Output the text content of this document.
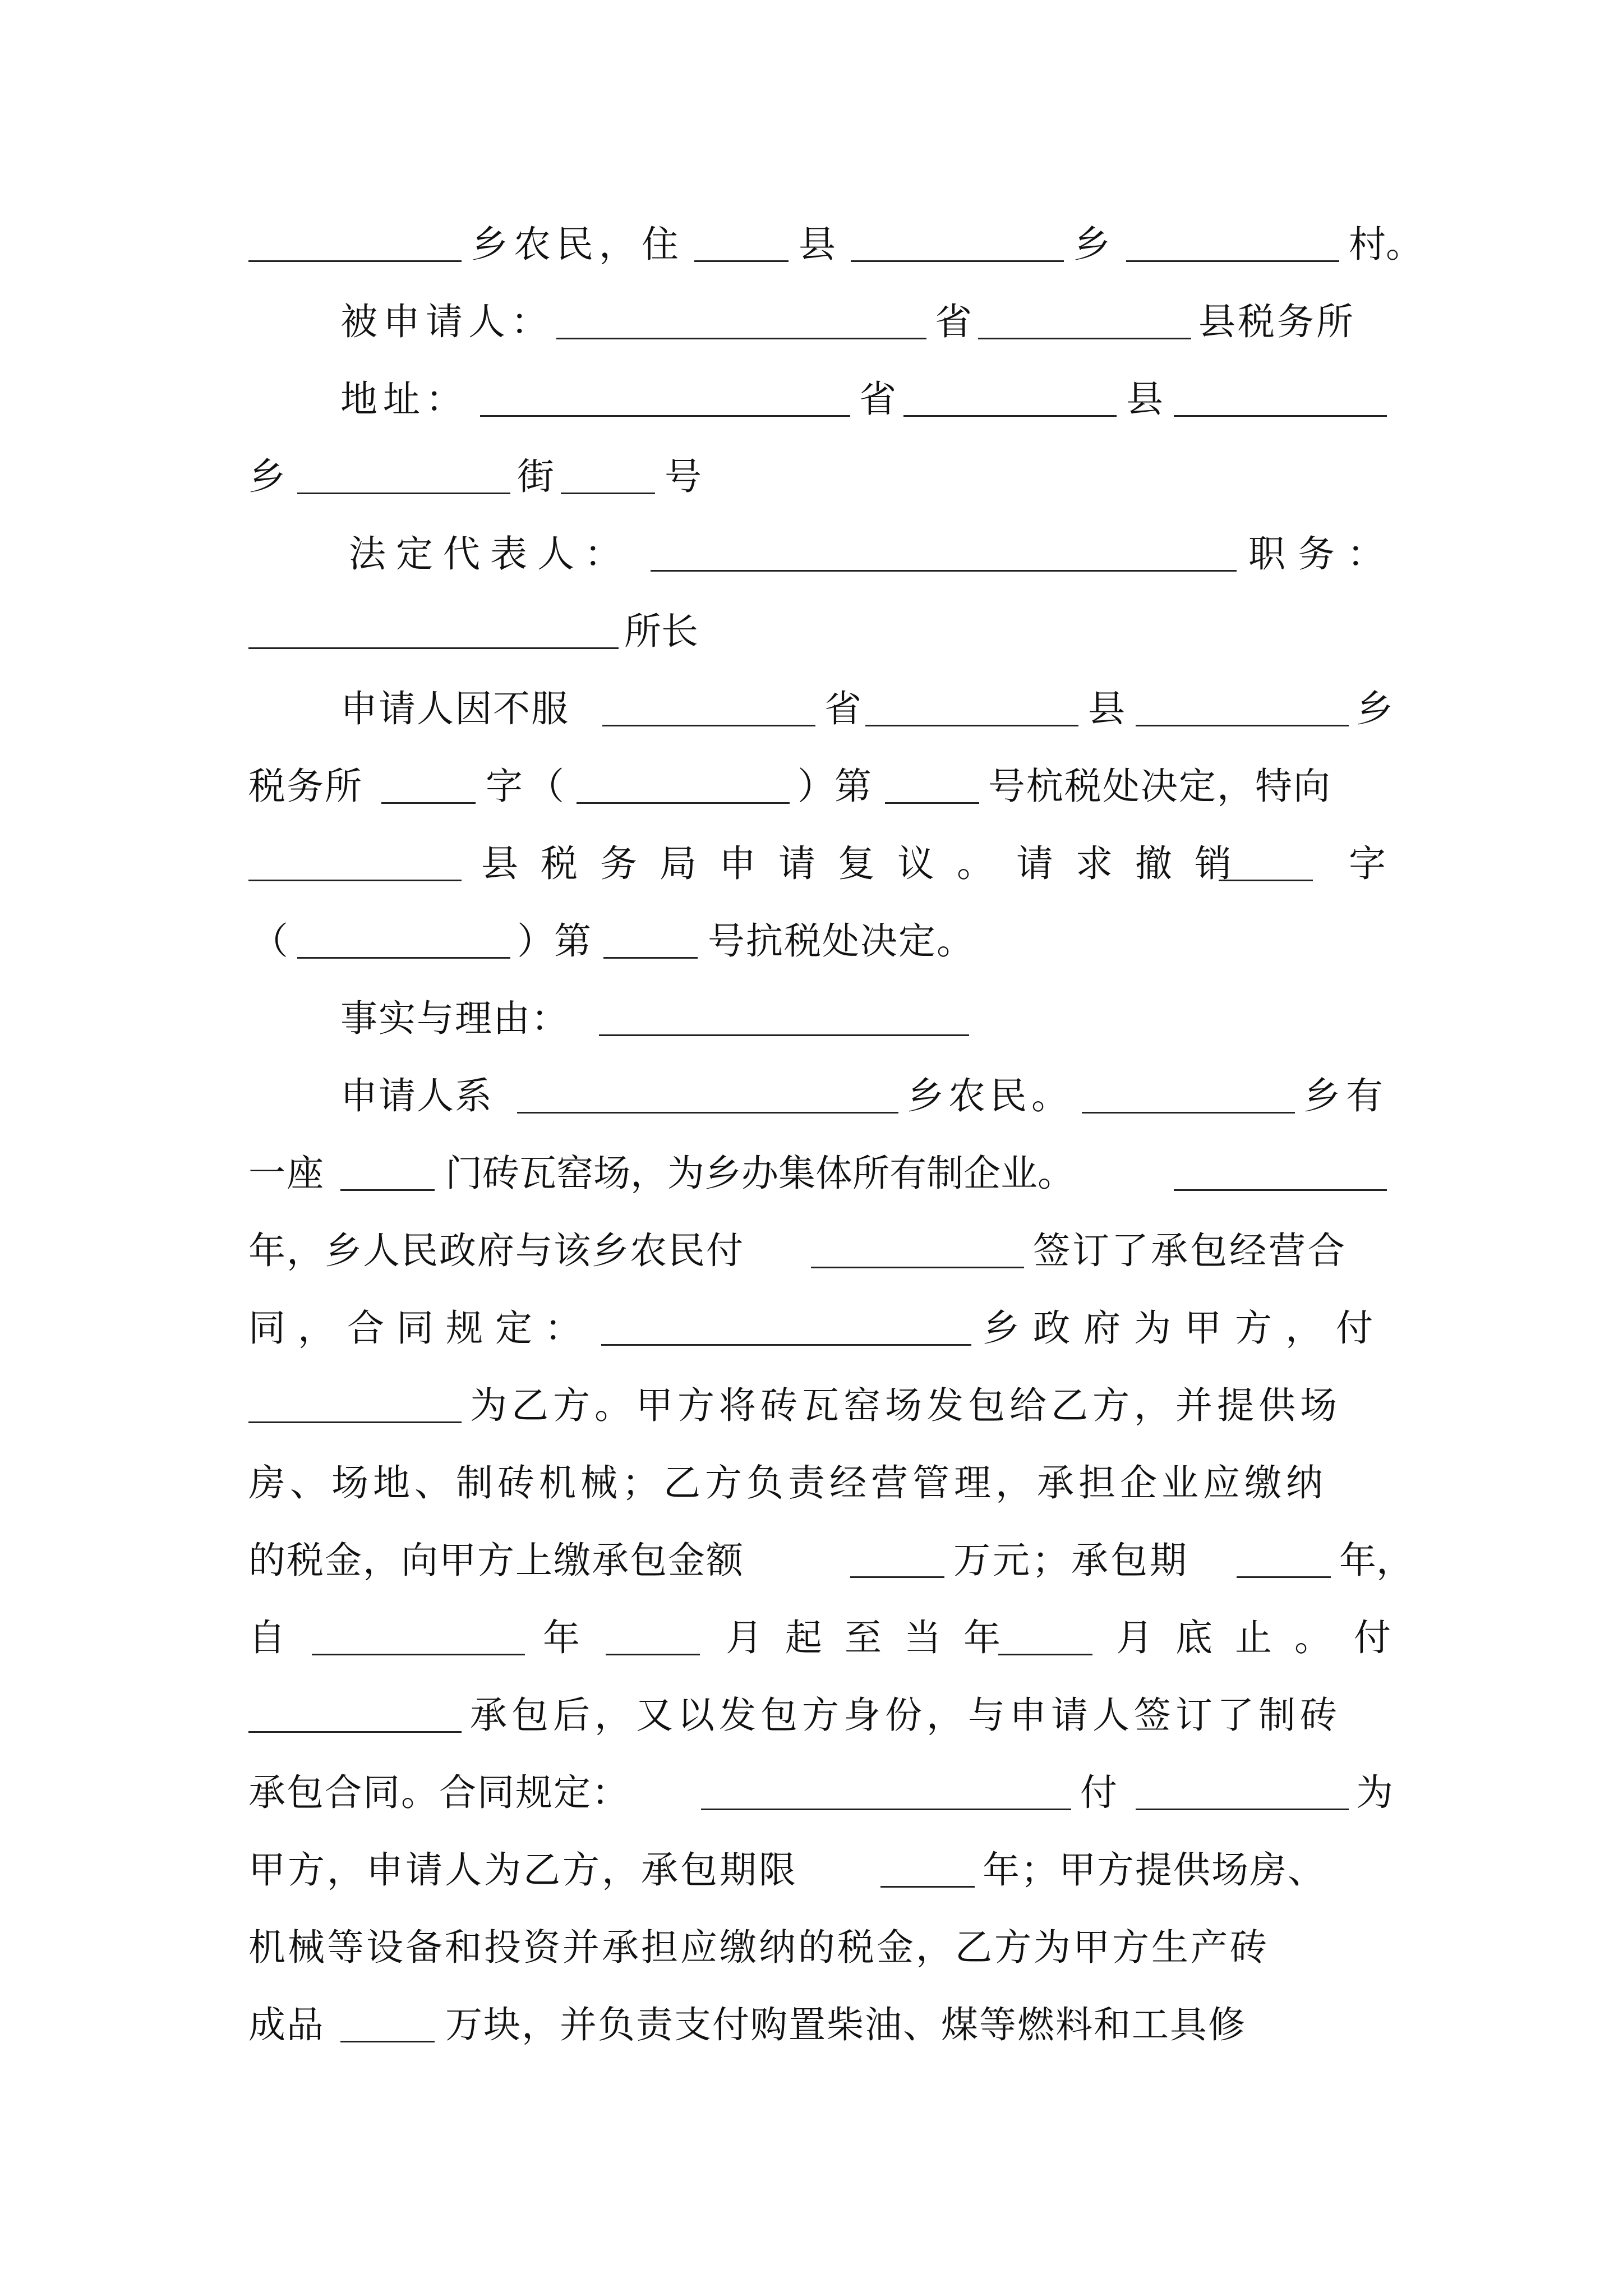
乡农民，住	县	乡	村。
被申请人：	省	县税务所
地址：	省	县
乡	街	号
法定代表人：	职务：
所长
申请人因不服	省	县	乡
税务所	字（	）第	号杭税处决定，特向
县税务局申请复议。请求撤销	字
（	）第	号抗税处决定。
事实与理由：
申请人系	乡农民。	乡有
一座	门砖瓦窑场，为乡办集体所有制企业。
年，乡人民政府与该乡农民付	签订了承包经营合
同，合同规定：	乡政府为甲方，付
为乙方。甲方将砖瓦窑场发包给乙方，并提供场
房、场地、制砖机械；乙方负责经营管理，承担企业应缴纳
的税金，向甲方上缴承包金额	万元；承包期	年，
自	年	月起至当年	月底止。付
承包后，又以发包方身份，与申请人签订了制砖
承包合同。合同规定：	付	为
甲方，申请人为乙方，承包期限	年；甲方提供场房、
机械等设备和投资并承担应缴纳的税金，乙方为甲方生产砖
成品	万块，并负责支付购置柴油、煤等燃料和工具修
